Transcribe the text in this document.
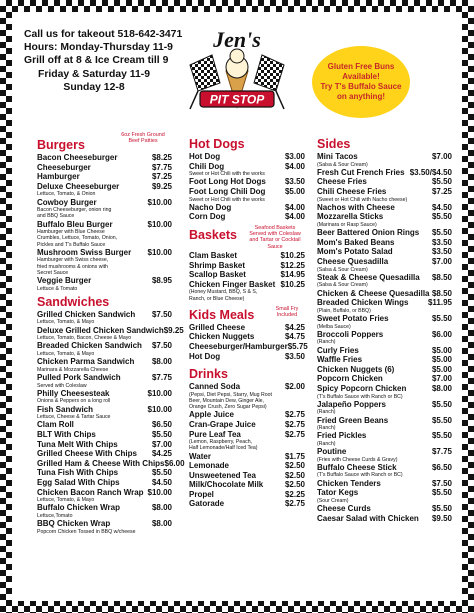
Call us for takeout 518-642-3471
Hours: Monday-Thursday 11-9
Grill off at 8 & Ice Cream till 9
Friday & Saturday 11-9
Sunday 12-8
Jen's
PIT STOP
Gluten Free Buns
Available!
Try T's Buffalo Sauce
on anything!
Burgers
6oz Fresh Ground
Beef Patties
Bacon Cheeseburger	$8.25
Cheeseburger	$7.75
Hamburger	$7.25
Deluxe Cheeseburger	$9.25
Lettuce, Tomato, & Onion
Cowboy Burger	$10.00
Bacon Cheeseburger, onion ring
and BBQ Sauce
Buffalo Bleu Burger	$10.00
Hamburger with Blue Cheese
Crumbles, Lettuce, Tomato, Onion,
Pickles and T's Buffalo Sauce
Mushroom Swiss Burger $10.00
Hamburger with Swiss cheese,
fried mushrooms & onions with
Secret Sauce
Veggie Burger	$8.95
Lettuce & Tomato
Sandwiches
Grilled Chicken Sandwich $7.50
Lettuce, Tomato, & Mayo
Deluxe Grilled Chicken Sandwich $9.25
Lettuce, Tomato, Bacon, Cheese & Mayo
Breaded Chicken Sandwich $7.50
Lettuce, Tomato, & Mayo
Chicken Parma Sandwich $8.00
Marinara & Mozzarella Cheese
Pulled Pork Sandwich	$7.75
Served with Coleslaw
Philly Cheesesteak	$10.00
Onions & Peppers on a long roll
Fish Sandwich	$10.00
Lettuce, Cheese & Tartar Sauce
Clam Roll	$6.50
BLT With Chips	$5.50
Tuna Melt With Chips	$7.00
Grilled Cheese With Chips $4.25
Grilled Ham & Cheese With Chips $6.00
Tuna Fish With Chips	$5.50
Egg Salad With Chips	$4.50
Chicken Bacon Ranch Wrap $10.00
Lettuce, Tomato, & Mayo
Buffalo Chicken Wrap	$8.00
Lettuce,Tomato
BBQ Chicken Wrap	$8.00
Popcorn Chicken Tossed in BBQ w/cheese
Hot Dogs
Hot Dog	$3.00
Chili Dog	$4.00
Sweet or Hot Chili with the works
Foot Long Hot Dogs $3.50
Foot Long Chili Dog $5.00
Sweet or Hot Chili with the works
Nacho Dog	$4.00
Corn Dog	$4.00
Baskets	Seafood Baskets
Served with Coleslaw
and Tartar or Cocktail
Sauce
Clam Basket	$10.25
Shrimp Basket	$12.25
Scallop Basket	$14.95
Chicken Finger Basket $10.25
(Honey Mustard, BBQ, S & S,
Ranch, or Blue Cheese)
Kids Meals	Small Fry
Included
Grilled Cheese	$4.25
Chicken Nuggets	$4.75
Cheeseburger/Hamburger $5.75
Hot Dog	$3.50
Drinks
Canned Soda	$2.00
(Pepsi, Diet Pepsi, Starry, Mug Root
Beer, Mountain Dew, Ginger Ale,
Orange Crush, Zero Sugar Pepsi)
Apple Juice	$2.75
Cran-Grape Juice	$2.75
Pure Leaf Tea	$2.75
(Lemon, Raspberry, Peach,
Half Lemonade/Half Iced Tea)
Water	$1.75
Lemonade	$2.50
Unsweetened Tea	$2.50
Milk/Chocolate Milk	$2.50
Propel	$2.25
Gatorade	$2.75
Sides
Mini Tacos	$7.00
(Salsa & Sour Cream)
Fresh Cut French Fries $3.50/$4.50
Cheese Fries	$5.50
Chili Cheese Fries	$7.25
(Sweet or Hot Chili with Nacho cheese)
Nachos with Cheese	$4.50
Mozzarella Sticks	$5.50
(Marinara or Rasp Sauce)
Beer Battered Onion Rings $5.50
Mom's Baked Beans	$3.50
Mom's Potato Salad	$3.50
Cheese Quesadilla	$7.00
(Salsa & Sour Cream)
Steak & Cheese Quesadilla $8.50
(Salsa & Sour Cream)
Chicken & Cheese Quesadilla $8.50
Breaded Chicken Wings $11.95
(Plain, Buffalo, or BBQ)
Sweet Potato Fries	$5.50
(Melba Sauce)
Broccoli Poppers	$6.00
(Ranch)
Curly Fries	$5.00
Waffle Fries	$5.00
Chicken Nuggets (6)	$5.00
Popcorn Chicken	$7.00
Spicy Popcorn Chicken	$8.00
(T's Buffalo Sauce with Ranch or BC)
Jalapeño Poppers	$5.50
(Ranch)
Fried Green Beans	$5.50
(Ranch)
Fried Pickles	$5.50
(Ranch)
Poutine	$7.75
(Fries with Cheese Curds & Gravy)
Buffalo Cheese Stick	$6.50
(T's Buffalo Sauce with Ranch or BC)
Chicken Tenders	$7.50
Tator Kegs	$5.50
(Sour Cream)
Cheese Curds	$5.50
Caesar Salad with Chicken $9.50
